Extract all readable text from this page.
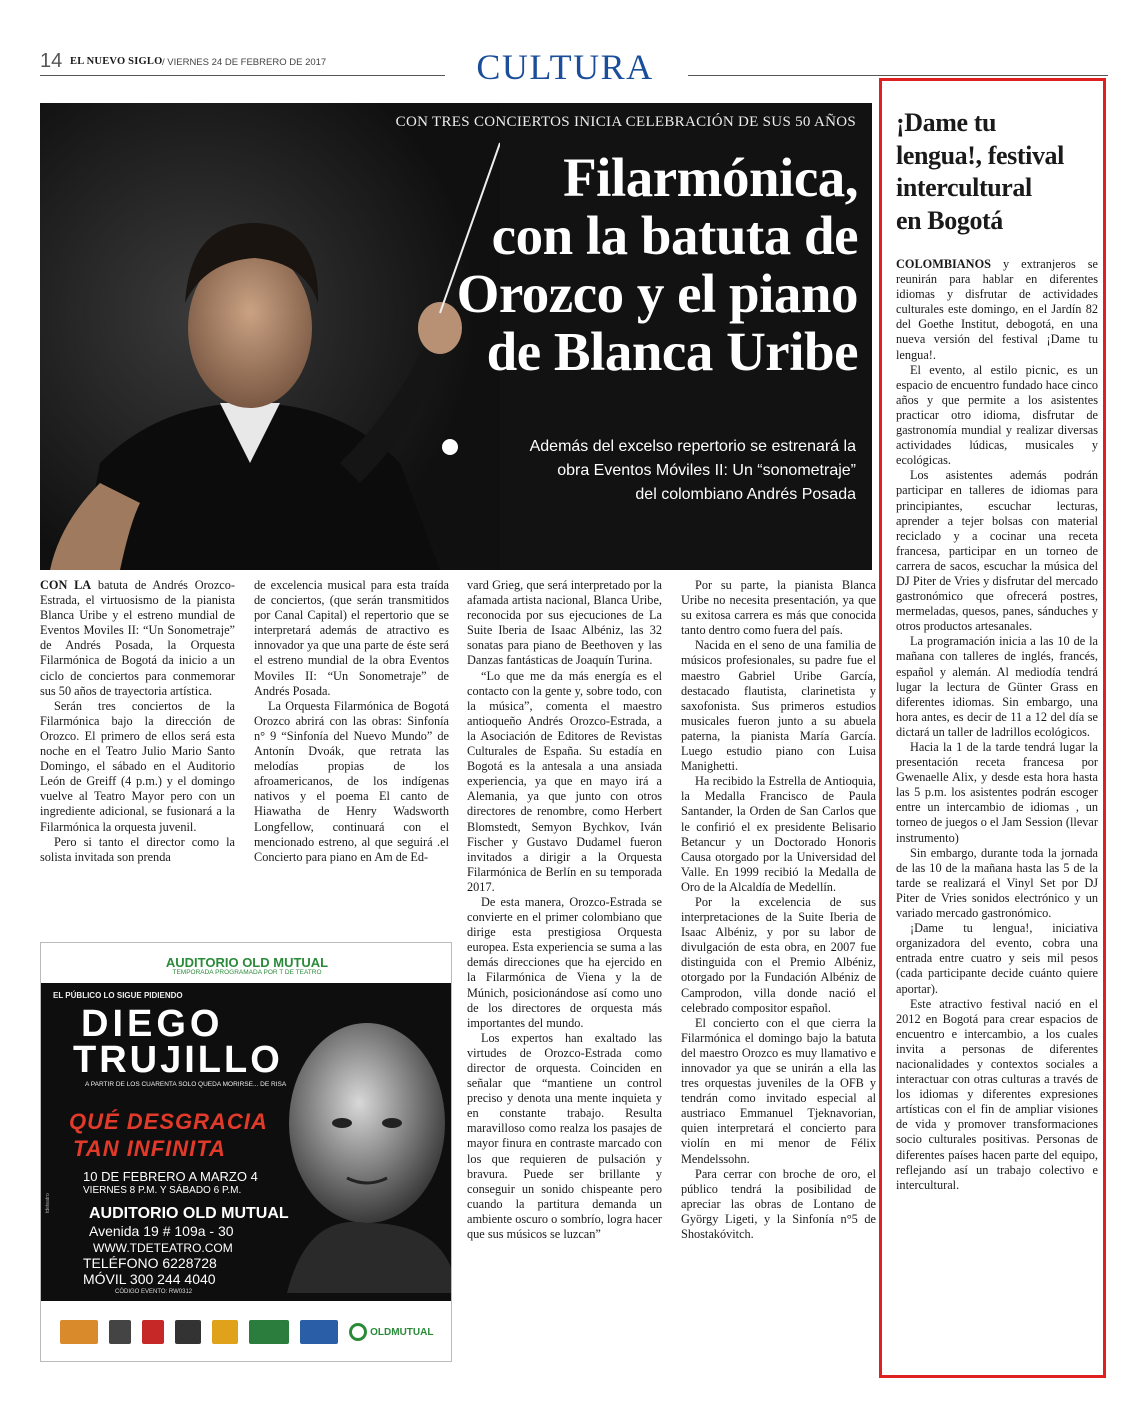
14 EL NUEVO SIGLO / VIERNES 24 DE FEBRERO DE 2017	CULTURA
CON TRES CONCIERTOS INICIA CELEBRACIÓN DE SUS 50 AÑOS
Filarmónica,
con la batuta de
Orozco y el piano
de Blanca Uribe
Además del excelso repertorio se estrenará la
obra Eventos Móviles II: Un “sonometraje”
del colombiano Andrés Posada

CON LA batuta de Andrés Orozco-Estrada, el virtuosismo de la pianista Blanca Uribe y el estreno mundial de Eventos Moviles II: “Un Sonometraje” de Andrés Posada, la Orquesta Filarmónica de Bogotá da inicio a un ciclo de conciertos para conmemorar sus 50 años de trayectoria artística.

Serán tres conciertos de la Filarmónica bajo la dirección de Orozco. El primero de ellos será esta noche en el Teatro Julio Mario Santo Domingo, el sábado en el Auditorio León de Greiff (4 p.m.) y el domingo vuelve al Teatro Mayor pero con un ingrediente adicional, se fusionará a la Filarmónica la orquesta juvenil.

Pero si tanto el director como la solista invitada son prenda

de excelencia musical para esta traída de conciertos, (que serán transmitidos por Canal Capital) el repertorio que se interpretará además de atractivo es innovador ya que una parte de éste será el estreno mundial de la obra Eventos Moviles II: “Un Sonometraje” de Andrés Posada.

La Orquesta Filarmónica de Bogotá Orozco abrirá con las obras: Sinfonía n° 9 “Sinfonía del Nuevo Mundo” de Antonín Dvoák, que retrata las melodías propias de los afroamericanos, de los indígenas nativos y el poema El canto de Hiawatha de Henry Wadsworth Longfellow, continuará con el mencionado estreno, al que seguirá .el Concierto para piano en Am de Ed-

vard Grieg, que será interpretado por la afamada artista nacional, Blanca Uribe, reconocida por sus ejecuciones de La Suite Iberia de Isaac Albéniz, las 32 sonatas para piano de Beethoven y las Danzas fantásticas de Joaquín Turina.

“Lo que me da más energía es el contacto con la gente y, sobre todo, con la música”, comenta el maestro antioqueño Andrés Orozco-Estrada, a la Asociación de Editores de Revistas Culturales de España. Su estadía en Bogotá es la antesala a una ansiada experiencia, ya que en mayo irá a Alemania, ya que junto con otros directores de renombre, como Herbert Blomstedt, Semyon Bychkov, Iván Fischer y Gustavo Dudamel fueron invitados a dirigir a la Orquesta Filarmónica de Berlín en su temporada 2017.

De esta manera, Orozco-Estrada se convierte en el primer colombiano que dirige esta prestigiosa Orquesta europea. Esta experiencia se suma a las demás direcciones que ha ejercido en la Filarmónica de Viena y la de Múnich, posicionándose así como uno de los directores de orquesta más importantes del mundo.

Los expertos han exaltado las virtudes de Orozco-Estrada como director de orquesta. Coinciden en señalar que “mantiene un control preciso y denota una mente inquieta y en constante trabajo. Resulta maravilloso como realza los pasajes de mayor finura en contraste marcado con los que requieren de pulsación y bravura. Puede ser brillante y conseguir un sonido chispeante pero cuando la partitura demanda un ambiente oscuro o sombrío, logra hacer que sus músicos se luzcan”

Por su parte, la pianista Blanca Uribe no necesita presentación, ya que su exitosa carrera es más que conocida tanto dentro como fuera del país.

Nacida en el seno de una familia de músicos profesionales, su padre fue el maestro Gabriel Uribe García, destacado flautista, clarinetista y saxofonista. Sus primeros estudios musicales fueron junto a su abuela paterna, la pianista María García. Luego estudio piano con Luisa Manighetti.

Ha recibido la Estrella de Antioquia, la Medalla Francisco de Paula Santander, la Orden de San Carlos que le confirió el ex presidente Belisario Betancur y un Doctorado Honoris Causa otorgado por la Universidad del Valle. En 1999 recibió la Medalla de Oro de la Alcaldía de Medellín.

Por la excelencia de sus interpretaciones de la Suite Iberia de Isaac Albéniz, y por su labor de divulgación de esta obra, en 2007 fue distinguida con el Premio Albéniz, otorgado por la Fundación Albéniz de Camprodon, villa donde nació el celebrado compositor español.

El concierto con el que cierra la Filarmónica el domingo bajo la batuta del maestro Orozco es muy llamativo e innovador ya que se unirán a ella las tres orquestas juveniles de la OFB y tendrán como invitado especial al austriaco Emmanuel Tjeknavorian, quien interpretará el concierto para violín en mi menor de Félix Mendelssohn.

Para cerrar con broche de oro, el público tendrá la posibilidad de apreciar las obras de Lontano de György Ligeti, y la Sinfonía n°5 de Shostakóvitch.

AUDITORIO OLD MUTUAL
TEMPORADA PROGRAMADA POR T DE TEATRO
EL PÚBLICO LO SIGUE PIDIENDO
DIEGO
TRUJILLO
A PARTIR DE LOS CUARENTA SOLO QUEDA MORIRSE... DE RISA
QUÉ DESGRACIA
TAN INFINITA
10 DE FEBRERO A MARZO 4
VIERNES 8 P.M. Y SÁBADO 6 P.M.
AUDITORIO OLD MUTUAL
Avenida 19 # 109a - 30
WWW.TDETEATRO.COM
TELÉFONO 6228728
MÓVIL 300 244 4040
CÓDIGO EVENTO: RW0312
tdeteatro
OLDMUTUAL
¡Dame tu
lengua!, festival
intercultural
en Bogotá

COLOMBIANOS y extranjeros se reunirán para hablar en diferentes idiomas y disfrutar de actividades culturales este domingo, en el Jardín 82 del Goethe Institut, debogotá, en una nueva versión del festival ¡Dame tu lengua!.

El evento, al estilo picnic, es un espacio de encuentro fundado hace cinco años y que permite a los asistentes practicar otro idioma, disfrutar de gastronomía mundial y realizar diversas actividades lúdicas, musicales y ecológicas.

Los asistentes además podrán participar en talleres de idiomas para principiantes, escuchar lecturas, aprender a tejer bolsas con material reciclado y a cocinar una receta francesa, participar en un torneo de carrera de sacos, escuchar la música del DJ Piter de Vries y disfrutar del mercado gastronómico que ofrecerá postres, mermeladas, quesos, panes, sánduches y otros productos artesanales.

La programación inicia a las 10 de la mañana con talleres de inglés, francés, español y alemán. Al mediodía tendrá lugar la lectura de Günter Grass en diferentes idiomas. Sin embargo, una hora antes, es decir de 11 a 12 del día se dictará un taller de ladrillos ecológicos.

Hacia la 1 de la tarde tendrá lugar la presentación receta francesa por Gwenaelle Alix, y desde esta hora hasta las 5 p.m. los asistentes podrán escoger entre un intercambio de idiomas , un torneo de juegos o el Jam Session (llevar instrumento)

Sin embargo, durante toda la jornada de las 10 de la mañana hasta las 5 de la tarde se realizará el Vinyl Set por DJ Piter de Vries sonidos electrónico y un variado mercado gastronómico.

¡Dame tu lengua!, iniciativa organizadora del evento, cobra una entrada entre cuatro y seis mil pesos (cada participante decide cuánto quiere aportar).

Este atractivo festival nació en el 2012 en Bogotá para crear espacios de encuentro e intercambio, a los cuales invita a personas de diferentes nacionalidades y contextos sociales a interactuar con otras culturas a través de los idiomas y diferentes expresiones artísticas con el fin de ampliar visiones de vida y promover transformaciones socio culturales positivas. Personas de diferentes países hacen parte del equipo, reflejando así un trabajo colectivo e intercultural.
